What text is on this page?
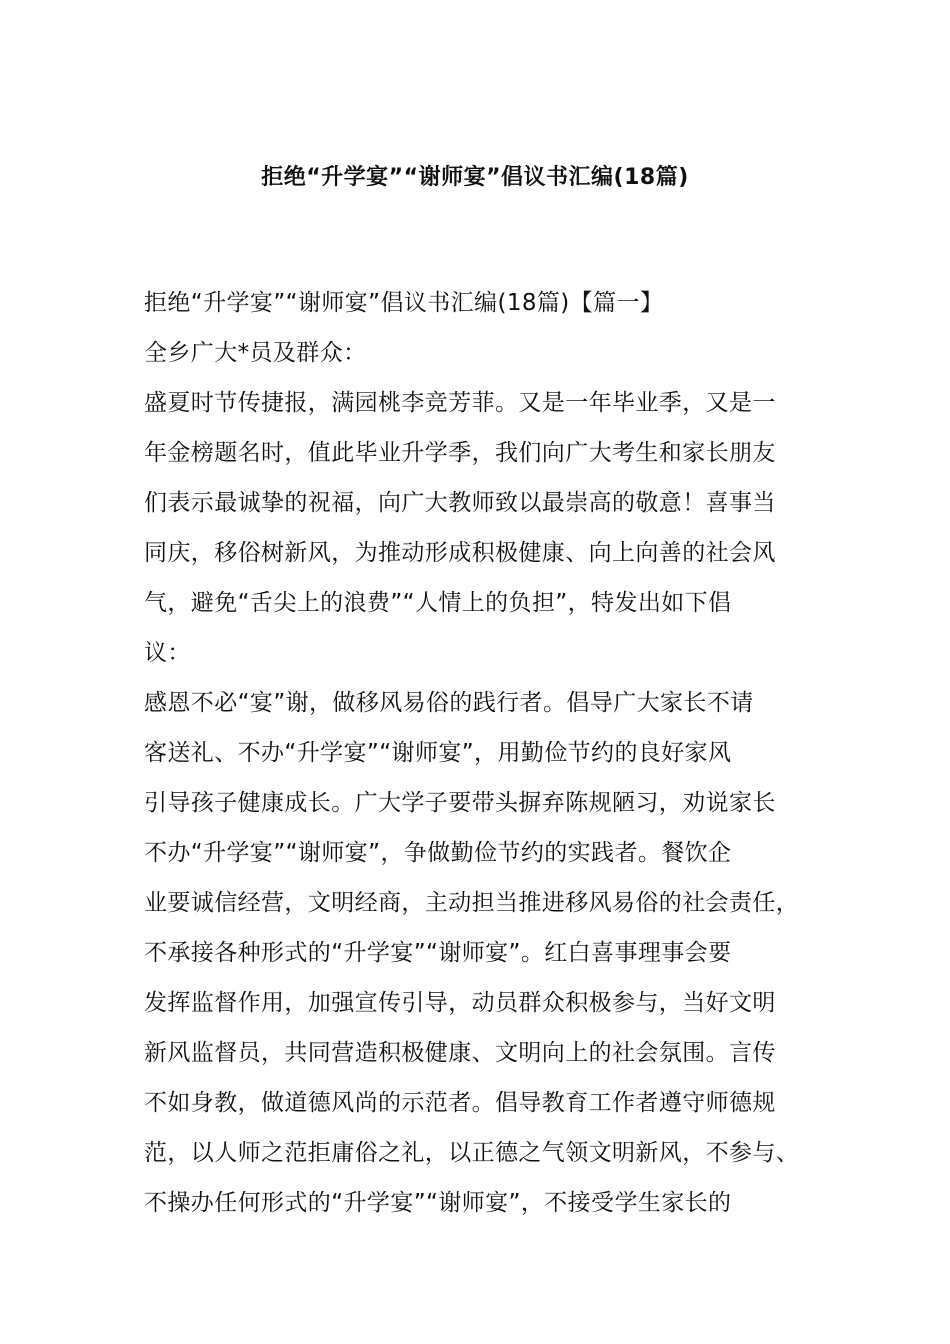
拒绝“升学宴”“谢师宴”倡议书汇编(18篇)
拒绝“升学宴”“谢师宴”倡议书汇编(18篇)【篇一】
全乡广大*员及群众：
盛夏时节传捷报，满园桃李竞芳菲。又是一年毕业季，又是一
年金榜题名时，值此毕业升学季，我们向广大考生和家长朋友
们表示最诚挚的祝福，向广大教师致以最崇高的敬意！喜事当
同庆，移俗树新风，为推动形成积极健康、向上向善的社会风
气，避免“舌尖上的浪费”“人情上的负担”，特发出如下倡
议：
感恩不必“宴”谢，做移风易俗的践行者。倡导广大家长不请
客送礼、不办“升学宴”“谢师宴”，用勤俭节约的良好家风
引导孩子健康成长。广大学子要带头摒弃陈规陋习，劝说家长
不办“升学宴”“谢师宴”，争做勤俭节约的实践者。餐饮企
业要诚信经营，文明经商，主动担当推进移风易俗的社会责任，
不承接各种形式的“升学宴”“谢师宴”。红白喜事理事会要
发挥监督作用，加强宣传引导，动员群众积极参与，当好文明
新风监督员，共同营造积极健康、文明向上的社会氛围。言传
不如身教，做道德风尚的示范者。倡导教育工作者遵守师德规
范，以人师之范拒庸俗之礼，以正德之气领文明新风，不参与、
不操办任何形式的“升学宴”“谢师宴”，不接受学生家长的
